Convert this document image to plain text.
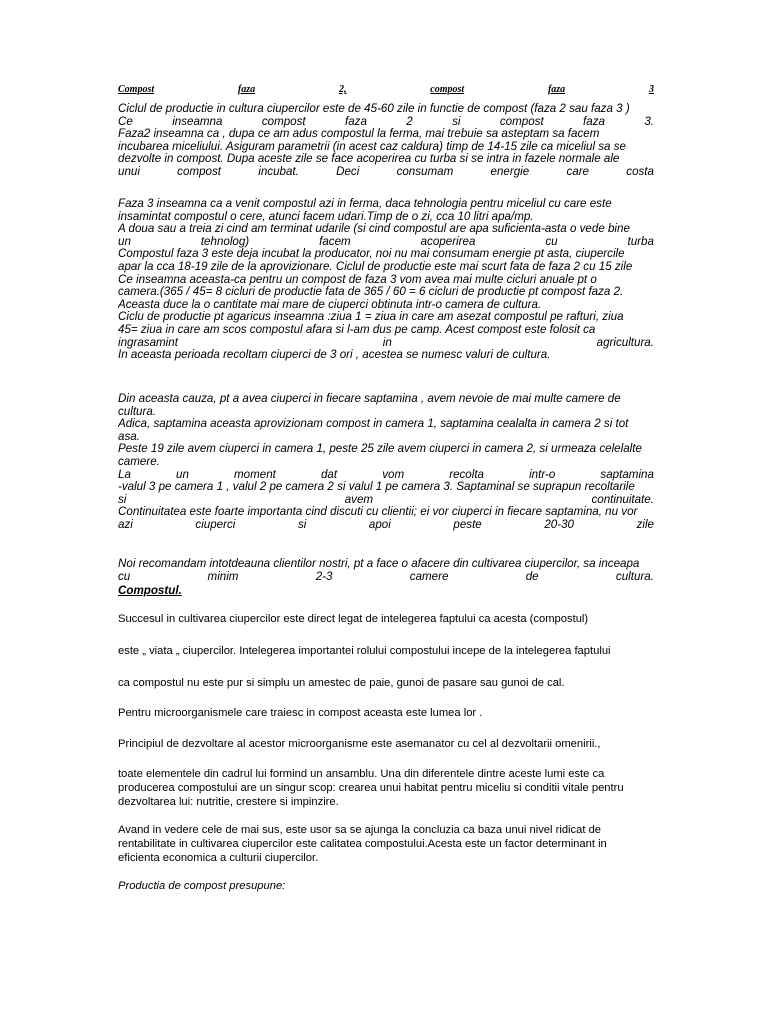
Compost	faza	2,	compost	faza	3
Ciclul de productie in cultura ciupercilor este de 45-60 zile in functie de compost (faza 2 sau faza 3 )
Ce	inseamna	compost	faza	2	si	compost	faza	3.
Faza2 inseamna ca , dupa ce am adus compostul la ferma, mai trebuie sa asteptam sa facem
incubarea miceliului. Asiguram parametrii (in acest caz caldura) timp de 14-15 zile ca miceliul sa se
dezvolte in compost. Dupa aceste zile se face acoperirea cu turba si se intra in fazele normale ale
unui	compost	incubat.	Deci	consumam	energie	care	costa
Faza 3 inseamna ca a venit compostul azi in ferma, daca tehnologia pentru miceliul cu care este
insamintat compostul o cere, atunci facem udari.Timp de o zi, cca 10 litri apa/mp.
A doua sau a treia zi cind am terminat udarile (si cind compostul are apa suficienta-asta o vede bine
un	tehnolog)	facem	acoperirea	cu	turba
Compostul faza 3 este deja incubat la producator, noi nu mai consumam energie pt asta, ciupercile
apar la cca 18-19 zile de la aprovizionare. Ciclul de productie este mai scurt fata de faza 2 cu 15 zile
Ce inseamna aceasta-ca pentru un compost de faza 3 vom avea mai multe cicluri anuale pt o
camera.(365 / 45= 8 cicluri de productie fata de 365 / 60 = 6 cicluri de productie pt compost faza 2.
Aceasta duce la o cantitate mai mare de ciuperci obtinuta intr-o camera de cultura.
Ciclu de productie pt agaricus inseamna :ziua 1 = ziua in care am asezat compostul pe rafturi, ziua
45= ziua in care am scos compostul afara si l-am dus pe camp. Acest compost este folosit ca
ingrasamint	in	agricultura.
In aceasta perioada recoltam ciuperci de 3 ori , acestea se numesc valuri de cultura.
Din aceasta cauza, pt a avea ciuperci in fiecare saptamina , avem nevoie de mai multe camere de
cultura.
Adica, saptamina aceasta aprovizionam compost in camera 1, saptamina cealalta in camera 2 si tot
asa.
Peste 19 zile avem ciuperci in camera 1, peste 25 zile avem ciuperci in camera 2, si urmeaza celelalte
camere.
La	un	moment	dat	vom	recolta	intr-o	saptamina
-valul 3 pe camera 1 , valul 2 pe camera 2 si valul 1 pe camera 3. Saptaminal se suprapun recoltarile
si	avem	continuitate.
Continuitatea este foarte importanta cind discuti cu clientii; ei vor ciuperci in fiecare saptamina, nu vor
azi	ciuperci	si	apoi	peste	20-30	zile
Noi recomandam intotdeauna clientilor nostri, pt a face o afacere din cultivarea ciupercilor, sa inceapa
cu	minim	2-3	camere	de	cultura.
Compostul.
Succesul in cultivarea ciupercilor este direct legat de intelegerea faptului ca acesta (compostul)
este „ viata „ ciupercilor. Intelegerea importantei rolului compostului incepe de la intelegerea faptului
ca compostul nu este pur si simplu un amestec de paie, gunoi de pasare sau gunoi de cal.
Pentru microorganismele care traiesc in compost aceasta este lumea lor .
Principiul de dezvoltare al acestor microorganisme este asemanator cu cel al dezvoltarii omenirii.,
toate elementele din cadrul lui formind un ansamblu. Una din diferentele dintre aceste lumi este ca
producerea compostului are un singur scop: crearea unui habitat pentru miceliu si conditii vitale pentru
dezvoltarea lui: nutritie, crestere si impinzire.
Avand in vedere cele de mai sus, este usor sa se ajunga la concluzia ca baza unui nivel ridicat de
rentabilitate in cultivarea ciupercilor este calitatea compostului.Acesta este un factor determinant in
eficienta economica a culturii ciupercilor.
Productia de compost presupune:
